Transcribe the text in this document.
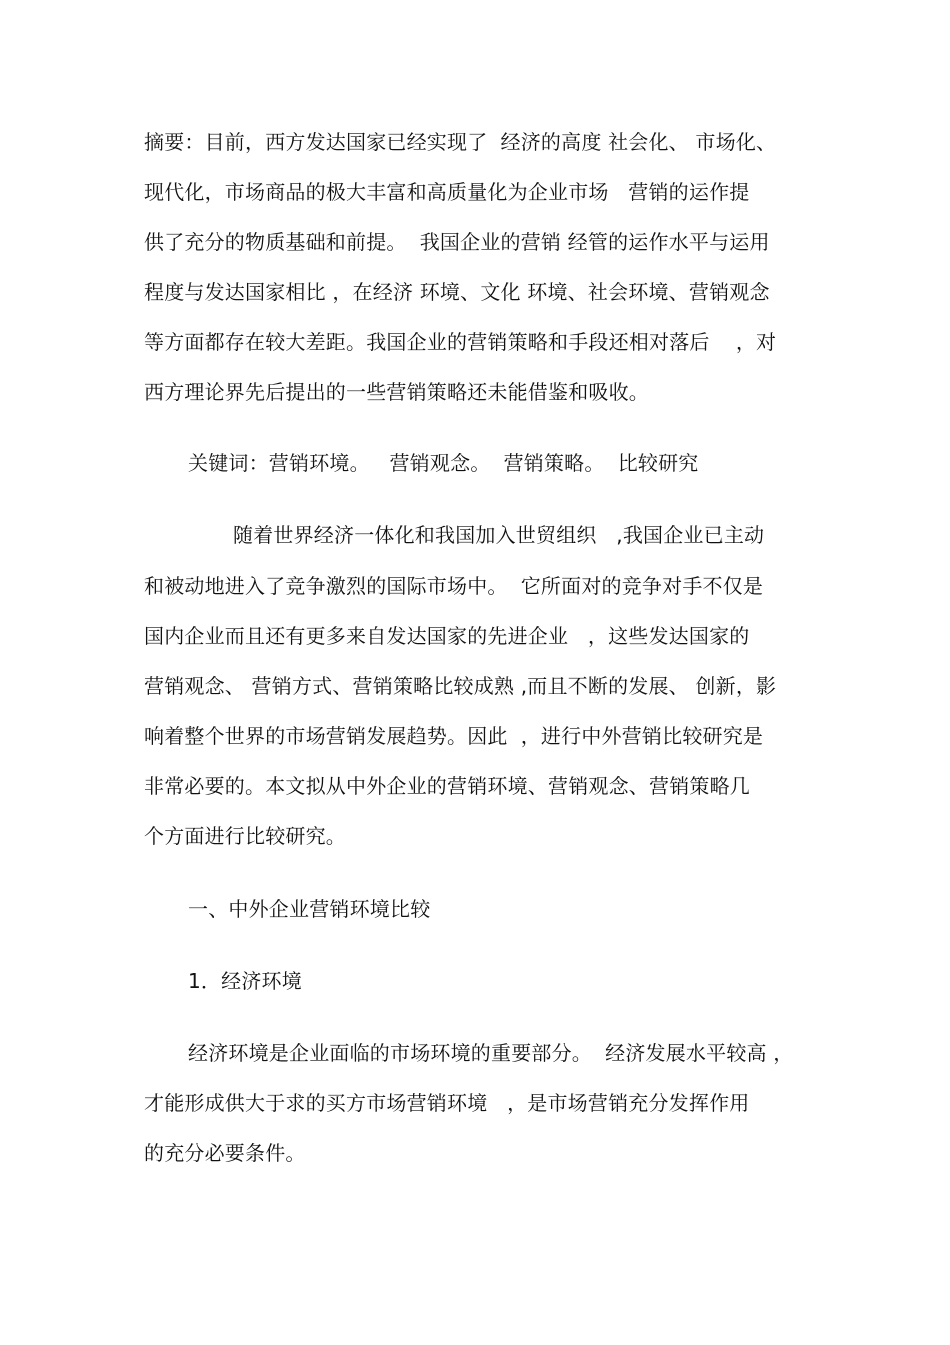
摘要：目前，西方发达国家已经实现了  经济的高度 社会化、 市场化、
现代化，市场商品的极大丰富和高质量化为企业市场   营销的运作提
供了充分的物质基础和前提。  我国企业的营销 经管的运作水平与运用
程度与发达国家相比 ，在经济 环境、文化 环境、社会环境、营销观念
等方面都存在较大差距。我国企业的营销策略和手段还相对落后    ，对
西方理论界先后提出的一些营销策略还未能借鉴和吸收。
关键词：营销环境。   营销观念。  营销策略。  比较研究
随着世界经济一体化和我国加入世贸组织   ,我国企业已主动
和被动地进入了竞争激烈的国际市场中。  它所面对的竞争对手不仅是
国内企业而且还有更多来自发达国家的先进企业   ，这些发达国家的
营销观念、 营销方式、营销策略比较成熟 ,而且不断的发展、 创新，影
响着整个世界的市场营销发展趋势。因此  ，进行中外营销比较研究是
非常必要的。本文拟从中外企业的营销环境、营销观念、营销策略几
个方面进行比较研究。
一、中外企业营销环境比较
1．经济环境
经济环境是企业面临的市场环境的重要部分。  经济发展水平较高 ，
才能形成供大于求的买方市场营销环境   ，是市场营销充分发挥作用
的充分必要条件。
